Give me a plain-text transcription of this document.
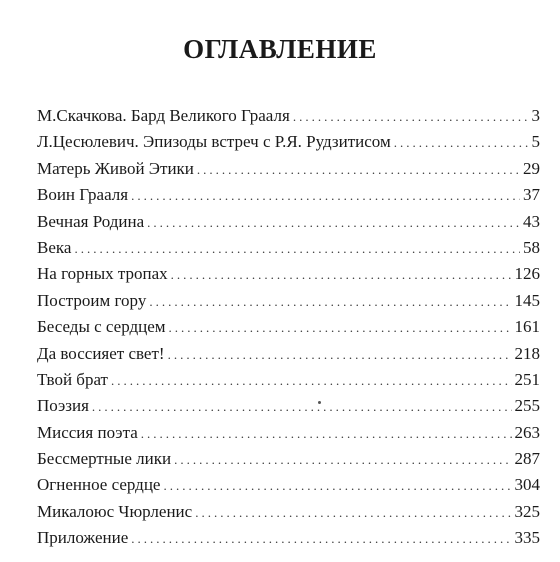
ОГЛАВЛЕНИЕ
М.Скачкова. Бард Великого Грааля .....	3
Л.Цесюлевич. Эпизоды встреч с Р.Я. Рудзитисом .....	5
Матерь Живой Этики .....	29
Воин Грааля .....	37
Вечная Родина .....	43
Века .....	58
На горных тропах .....	126
Построим гору .....	145
Беседы с сердцем .....	161
Да воссияет свет! .....	218
Твой брат .....	251
Поэзия .....	255
Миссия поэта .....	263
Бессмертные лики .....	287
Огненное сердце .....	304
Микалоюс Чюрленис .....	325
Приложение .....	335
